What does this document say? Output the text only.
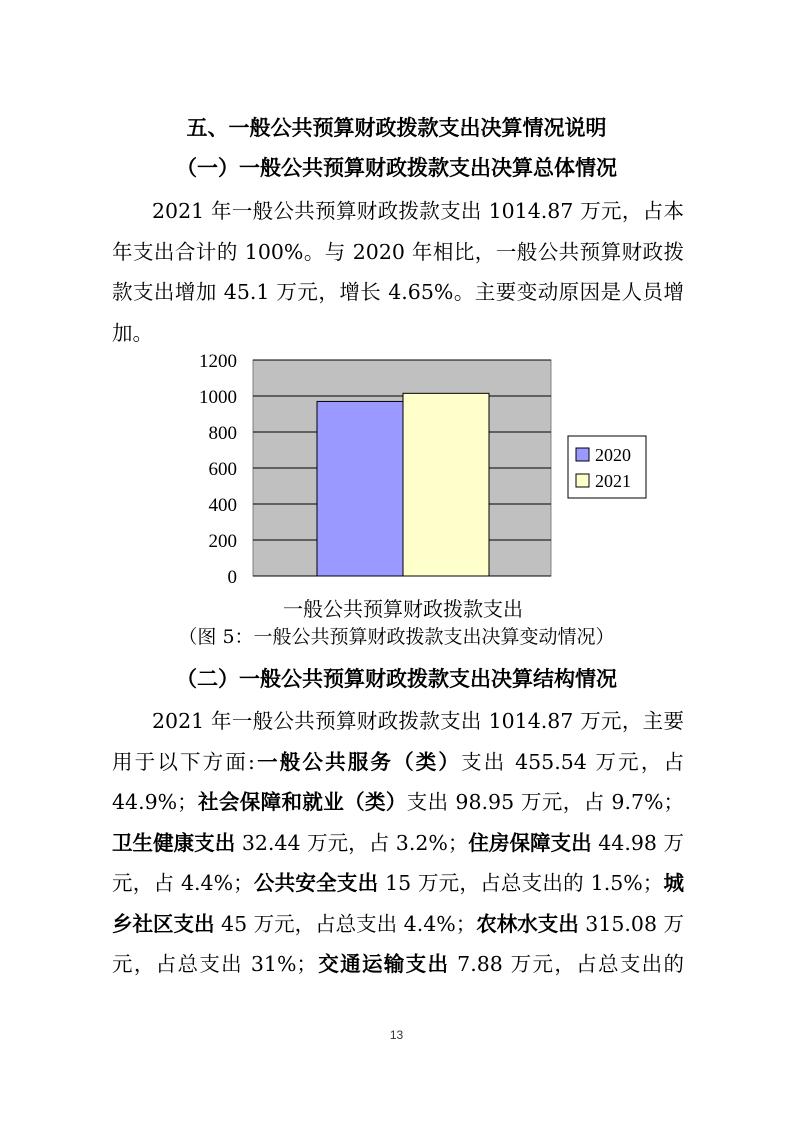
五、一般公共预算财政拨款支出决算情况说明
（一）一般公共预算财政拨款支出决算总体情况
2021 年一般公共预算财政拨款支出 1014.87 万元，占本
年支出合计的 100%。与 2020 年相比，一般公共预算财政拨
款支出增加 45.1 万元，增长 4.65%。主要变动原因是人员增
加。
0
200
400
600
800
1000
1200
2020
2021
一般公共预算财政拨款支出
（图 5：一般公共预算财政拨款支出决算变动情况）
（二）一般公共预算财政拨款支出决算结构情况
2021 年一般公共预算财政拨款支出 1014.87 万元，主要
用于以下方面:一般公共服务（类）支出 455.54 万元，占
44.9%；社会保障和就业（类）支出 98.95 万元，占 9.7%；
卫生健康支出 32.44 万元，占 3.2%；住房保障支出 44.98 万
元，占 4.4%；公共安全支出 15 万元，占总支出的 1.5%；城
乡社区支出 45 万元，占总支出 4.4%；农林水支出 315.08 万
元，占总支出 31%；交通运输支出 7.88 万元，占总支出的
13
